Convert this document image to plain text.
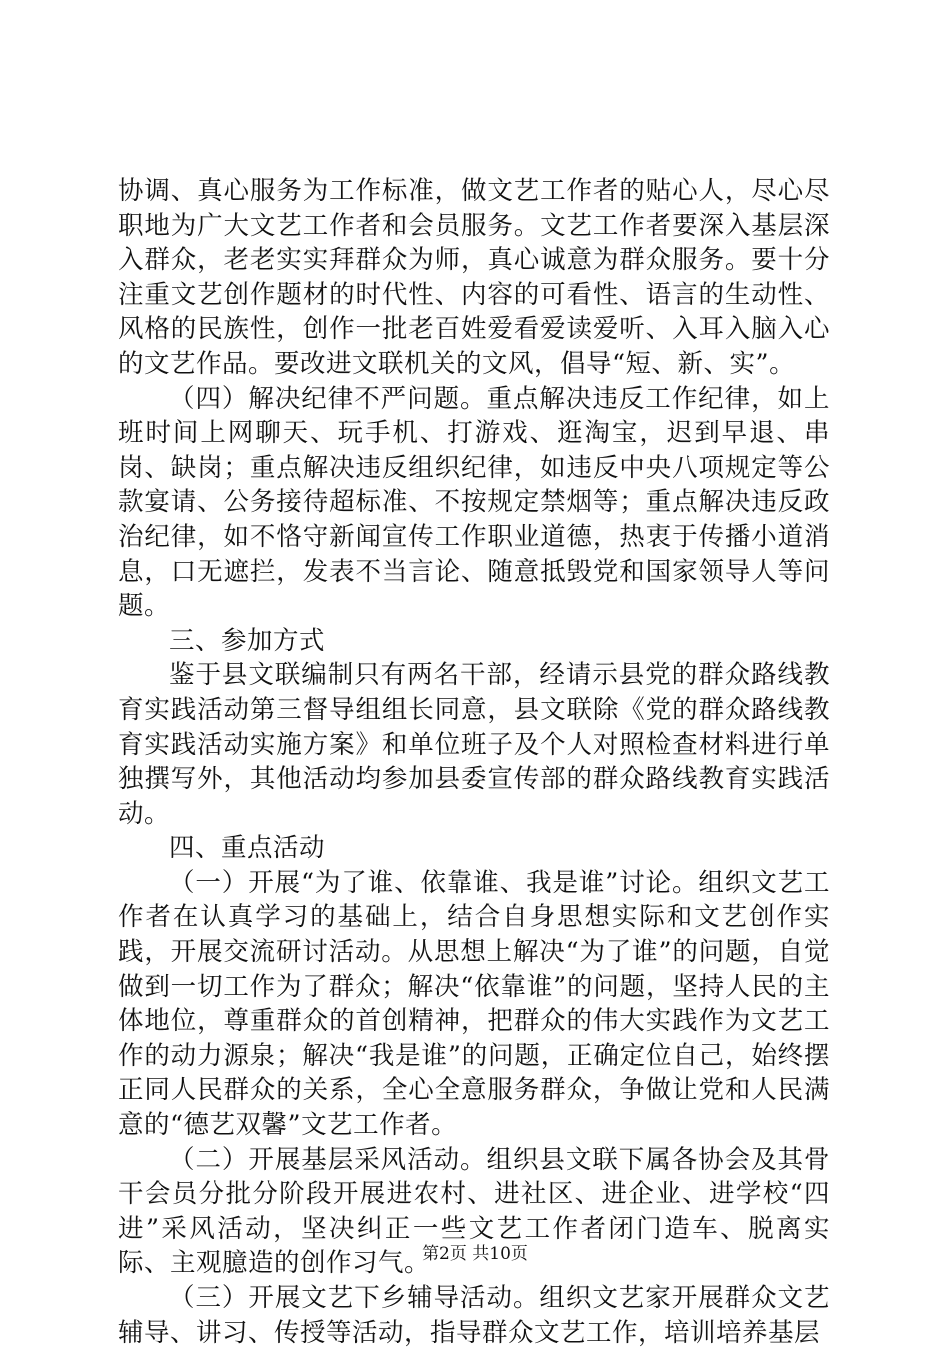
协调、真心服务为工作标准，做文艺工作者的贴心人，尽心尽职地为广大文艺工作者和会员服务。文艺工作者要深入基层深入群众，老老实实拜群众为师，真心诚意为群众服务。要十分注重文艺创作题材的时代性、内容的可看性、语言的生动性、风格的民族性，创作一批老百姓爱看爱读爱听、入耳入脑入心的文艺作品。要改进文联机关的文风，倡导“短、新、实”。

（四）解决纪律不严问题。重点解决违反工作纪律，如上班时间上网聊天、玩手机、打游戏、逛淘宝，迟到早退、串岗、缺岗；重点解决违反组织纪律，如违反中央八项规定等公款宴请、公务接待超标准、不按规定禁烟等；重点解决违反政治纪律，如不恪守新闻宣传工作职业道德，热衷于传播小道消息，口无遮拦，发表不当言论、随意抵毁党和国家领导人等问题。

三、参加方式

鉴于县文联编制只有两名干部，经请示县党的群众路线教育实践活动第三督导组组长同意，县文联除《党的群众路线教育实践活动实施方案》和单位班子及个人对照检查材料进行单独撰写外，其他活动均参加县委宣传部的群众路线教育实践活动。

四、重点活动

（一）开展“为了谁、依靠谁、我是谁”讨论。组织文艺工作者在认真学习的基础上，结合自身思想实际和文艺创作实践，开展交流研讨活动。从思想上解决“为了谁”的问题，自觉做到一切工作为了群众；解决“依靠谁”的问题，坚持人民的主体地位，尊重群众的首创精神，把群众的伟大实践作为文艺工作的动力源泉；解决“我是谁”的问题，正确定位自己，始终摆正同人民群众的关系，全心全意服务群众，争做让党和人民满意的“德艺双馨”文艺工作者。

（二）开展基层采风活动。组织县文联下属各协会及其骨干会员分批分阶段开展进农村、进社区、进企业、进学校“四进”采风活动，坚决纠正一些文艺工作者闭门造车、脱离实际、主观臆造的创作习气。

（三）开展文艺下乡辅导活动。组织文艺家开展群众文艺辅导、讲习、传授等活动，指导群众文艺工作，培训培养基层

第2页 共10页
